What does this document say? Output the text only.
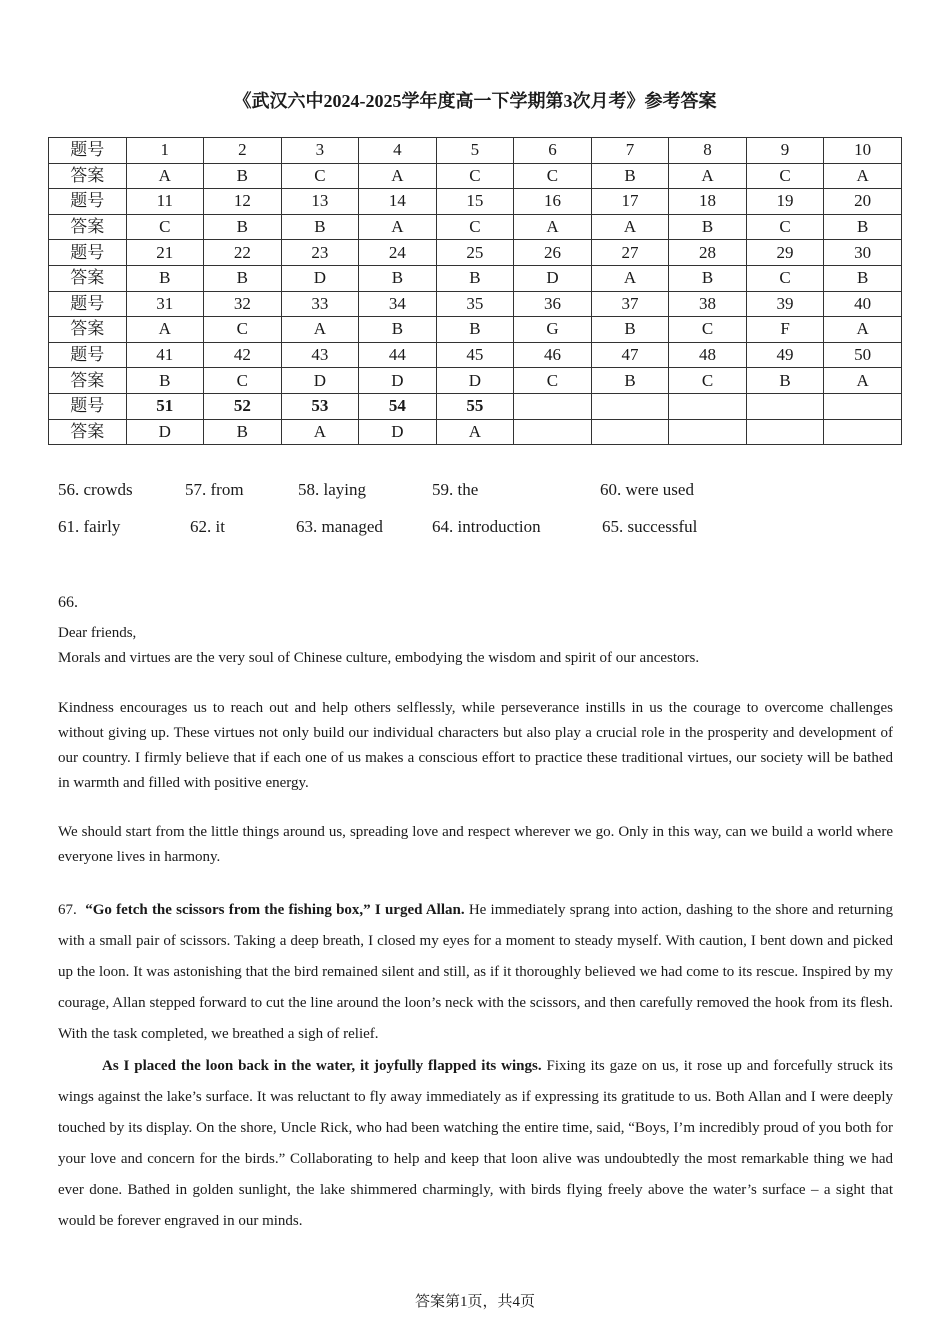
《武汉六中2024-2025学年度高一下学期第3次月考》参考答案
题号	1	2	3	4	5	6	7	8	9	10
答案	A	B	C	A	C	C	B	A	C	A
题号	11	12	13	14	15	16	17	18	19	20
答案	C	B	B	A	C	A	A	B	C	B
题号	21	22	23	24	25	26	27	28	29	30
答案	B	B	D	B	B	D	A	B	C	B
题号	31	32	33	34	35	36	37	38	39	40
答案	A	C	A	B	B	G	B	C	F	A
题号	41	42	43	44	45	46	47	48	49	50
答案	B	C	D	D	D	C	B	C	B	A
题号	51	52	53	54	55					
答案	D	B	A	D	A					
56. crowds	57. from	58. laying	59. the	60. were used
61. fairly	62. it	63. managed	64. introduction	65. successful
66.
Dear friends,
Morals and virtues are the very soul of Chinese culture, embodying the wisdom and spirit of our ancestors.
Kindness encourages us to reach out and help others selflessly, while perseverance instills in us the courage to overcome challenges without giving up. These virtues not only build our individual characters but also play a crucial role in the prosperity and development of our country. I firmly believe that if each one of us makes a conscious effort to practice these traditional virtues, our society will be bathed in warmth and filled with positive energy.
We should start from the little things around us, spreading love and respect wherever we go. Only in this way, can we build a world where everyone lives in harmony.
67. “Go fetch the scissors from the fishing box,” I urged Allan. He immediately sprang into action, dashing to the shore and returning with a small pair of scissors. Taking a deep breath, I closed my eyes for a moment to steady myself. With caution, I bent down and picked up the loon. It was astonishing that the bird remained silent and still, as if it thoroughly believed we had come to its rescue. Inspired by my courage, Allan stepped forward to cut the line around the loon’s neck with the scissors, and then carefully removed the hook from its flesh. With the task completed, we breathed a sigh of relief.
As I placed the loon back in the water, it joyfully flapped its wings. Fixing its gaze on us, it rose up and forcefully struck its wings against the lake’s surface. It was reluctant to fly away immediately as if expressing its gratitude to us. Both Allan and I were deeply touched by its display. On the shore, Uncle Rick, who had been watching the entire time, said, “Boys, I’m incredibly proud of you both for your love and concern for the birds.” Collaborating to help and keep that loon alive was undoubtedly the most remarkable thing we had ever done. Bathed in golden sunlight, the lake shimmered charmingly, with birds flying freely above the water’s surface – a sight that would be forever engraved in our minds.
答案第1页，共4页
